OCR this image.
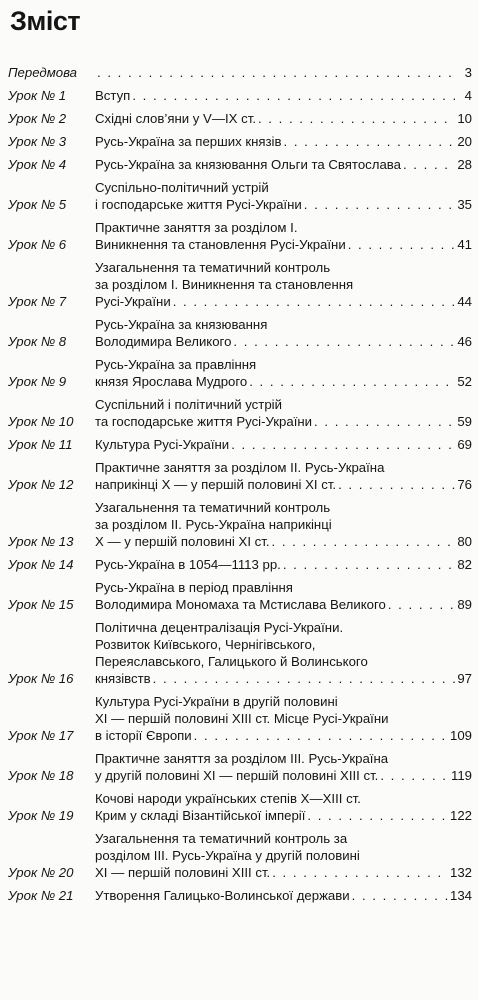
Зміст
Передмова . . .	3
Урок № 1	Вступ . . .	4
Урок № 2	Східні слов’яни у V—IX ст. . . .	10
Урок № 3	Русь-Україна за перших князів . . .	20
Урок № 4	Русь-Україна за князювання Ольги та Святослава . . .	28
Урок № 5
Суспільно-політичний устрій
і господарське життя Русі-України . . .	35
Урок № 6
Практичне заняття за розділом І.
Виникнення та становлення Русі-України . . .	41
Урок № 7
Узагальнення та тематичний контроль
за розділом І. Виникнення та становлення
Русі-України . . .	44
Урок № 8
Русь-Україна за князювання
Володимира Великого . . .	46
Урок № 9
Русь-Україна за правління
князя Ярослава Мудрого . . .	52
Урок № 10
Суспільний і політичний устрій
та господарське життя Русі-України . . .	59
Урок № 11	Культура Русі-України . . .	69
Урок № 12
Практичне заняття за розділом ІІ. Русь-Україна
наприкінці Х — у першій половині ХІ ст. . . .	76
Урок № 13
Узагальнення та тематичний контроль
за розділом ІІ. Русь-Україна наприкінці
Х — у першій половині ХІ ст. . . .	80
Урок № 14	Русь-Україна в 1054—1113 рр. . . .	82
Урок № 15
Русь-Україна в період правління
Володимира Мономаха та Мстислава Великого . . .	89
Урок № 16
Політична децентралізація Русі-України.
Розвиток Київського, Чернігівського,
Переяславського, Галицького й Волинського
князівств . . .	97
Урок № 17
Культура Русі-України в другій половині
ХІ — першій половині ХІІІ ст. Місце Русі-України
в історії Європи . . .	109
Урок № 18
Практичне заняття за розділом ІІІ. Русь-Україна
у другій половині ХІ — першій половині ХІІІ ст. . . .	119
Урок № 19
Кочові народи українських степів Х—ХІІІ ст.
Крим у складі Візантійської імперії . . .	122
Урок № 20
Узагальнення та тематичний контроль за
розділом ІІІ. Русь-Україна у другій половині
ХІ — першій половині ХІІІ ст. . . .	132
Урок № 21	Утворення Галицько-Волинської держави . . .	134
